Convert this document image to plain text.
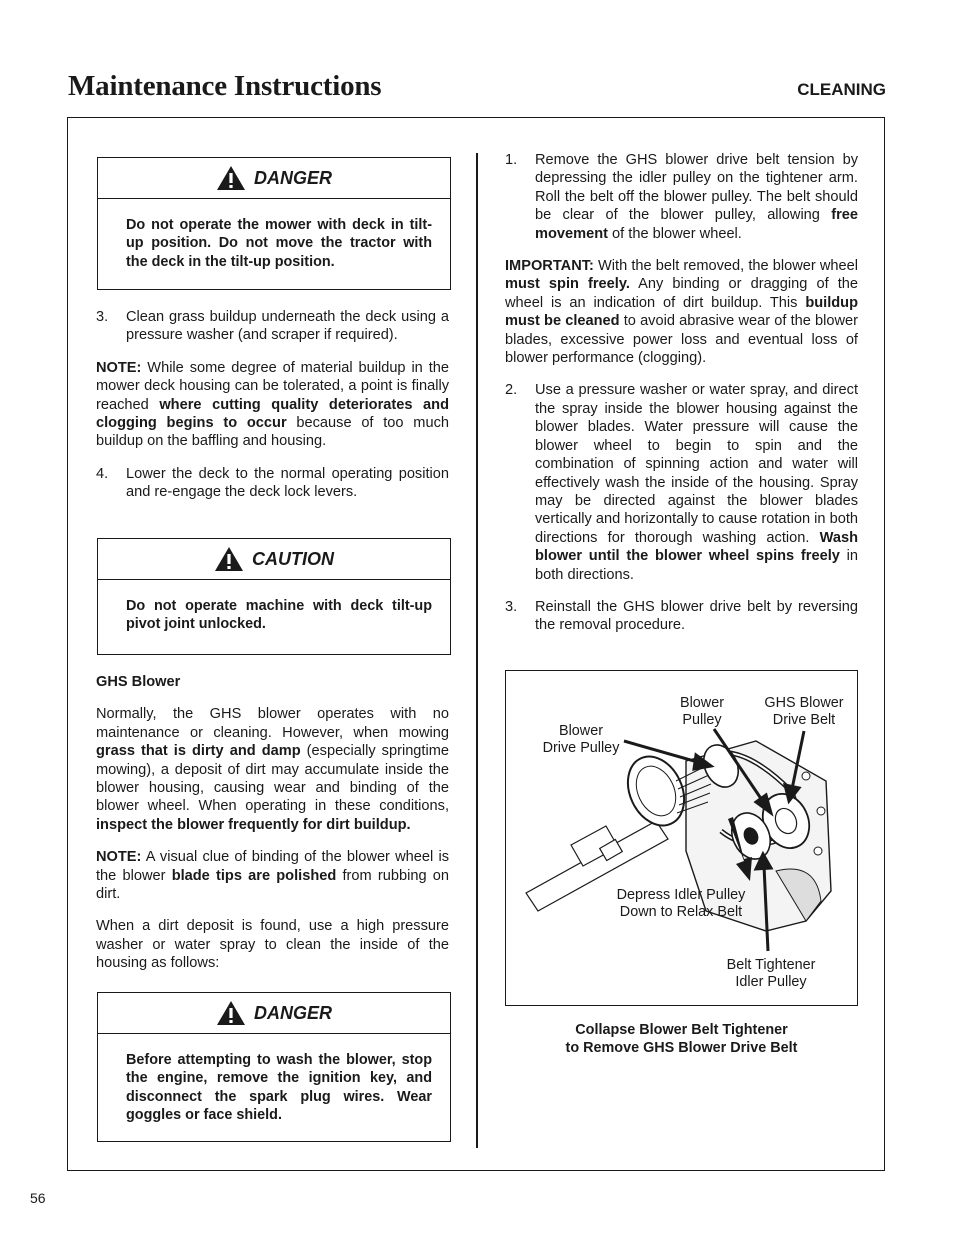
Maintenance Instructions	CLEANING
DANGER
Do not operate the mower with deck in tilt-up position. Do not move the tractor with the deck in the tilt-up position.
3.	Clean grass buildup underneath the deck using a pressure washer (and scraper if required).

NOTE: While some degree of material buildup in the mower deck housing can be tolerated, a point is finally reached where cutting quality deteriorates and clogging begins to occur because of too much buildup on the baffling and housing.

4.	Lower the deck to the normal operating position and re-engage the deck lock levers.

CAUTION
Do not operate machine with deck tilt-up pivot joint unlocked.

GHS Blower

Normally, the GHS blower operates with no maintenance or cleaning. However, when mowing grass that is dirty and damp (especially springtime mowing), a deposit of dirt may accumulate inside the blower housing, causing wear and binding of the blower wheel. When operating in these conditions, inspect the blower frequently for dirt buildup.

NOTE: A visual clue of binding of the blower wheel is the blower blade tips are polished from rubbing on dirt.

When a dirt deposit is found, use a high pressure washer or water spray to clean the inside of the housing as follows:

DANGER
Before attempting to wash the blower, stop the engine, remove the ignition key, and disconnect the spark plug wires. Wear goggles or face shield.
1.	Remove the GHS blower drive belt tension by depressing the idler pulley on the tightener arm. Roll the belt off the blower pulley. The belt should be clear of the blower pulley, allowing free movement of the blower wheel.

IMPORTANT: With the belt removed, the blower wheel must spin freely. Any binding or dragging of the wheel is an indication of dirt buildup. This buildup must be cleaned to avoid abrasive wear of the blower blades, excessive power loss and eventual loss of blower performance (clogging).

2.	Use a pressure washer or water spray, and direct the spray inside the blower housing against the blower blades. Water pressure will cause the blower wheel to begin to spin and the combination of spinning action and water will effectively wash the inside of the housing. Spray may be directed against the blower blades vertically and horizontally to cause rotation in both directions for thorough washing action. Wash blower until the blower wheel spins freely in both directions.

3.	Reinstall the GHS blower drive belt by reversing the removal procedure.

Blower
Pulley
GHS Blower
Drive Belt
Blower
Drive Pulley
Depress Idler Pulley
Down to Relax Belt
Belt Tightener
Idler Pulley
Collapse Blower Belt Tightener
to Remove GHS Blower Drive Belt
56
